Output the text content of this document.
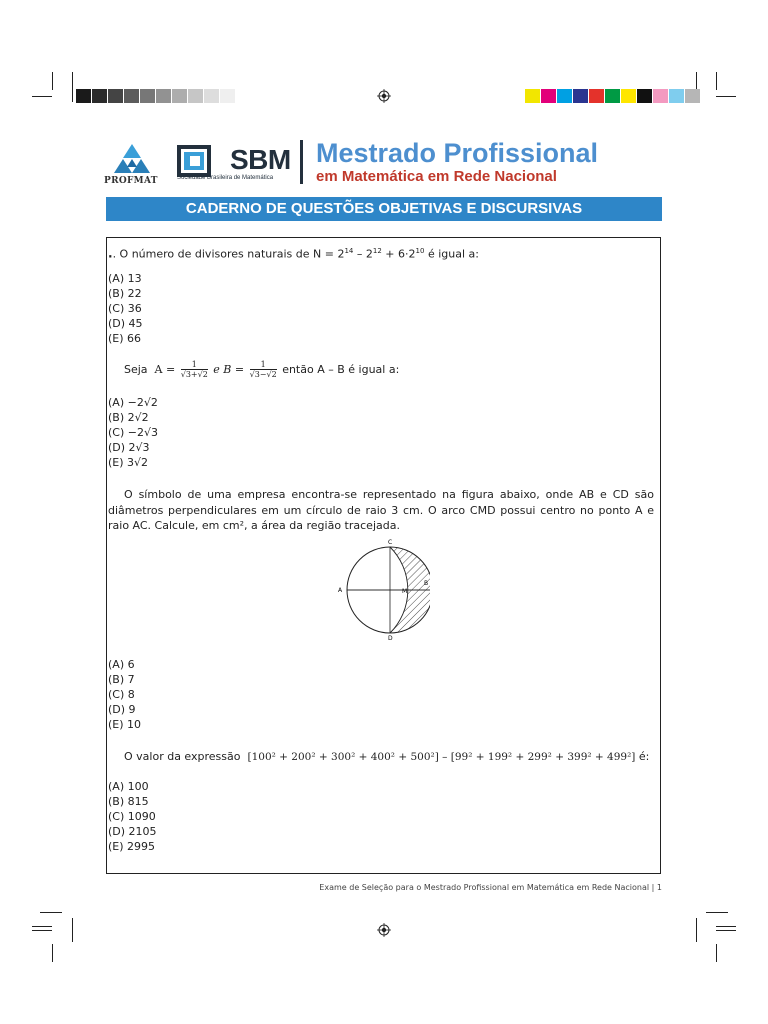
PROFMAT
SBM
Sociedade Brasileira de Matemática
Mestrado Profissional
em Matemática em Rede Nacional
CADERNO DE QUESTÕES OBJETIVAS E DISCURSIVAS
.. O número de divisores naturais de $N = 2^{14} - 2^{12} + 6\cdot 2^{10}$ é igual a:
(A) 13
(B) 22
(C) 36
(D) 45
(E) 66
Seja $A = \frac{1}{√3+√2}$ e $B = \frac{1}{√3-√2}$ então A – B é igual a:
(A) −2√2
(B) 2√2
(C) −2√3
(D) 2√3
(E) 3√2
O símbolo de uma empresa encontra-se representado na figura abaixo, onde AB e CD são diâmetros perpendiculares em um círculo de raio 3 cm. O arco CMD possui centro no ponto A e raio AC. Calcule, em cm², a área da região tracejada.
C
A	M
B
D
(A) 6
(B) 7
(C) 8
(D) 9
(E) 10
O valor da expressão [100² + 200² + 300² + 400² + 500²] – [99² + 199² + 299² + 399² + 499²] é:
(A) 100
(B) 815
(C) 1090
(D) 2105
(E) 2995
Exame de Seleção para o Mestrado Profissional em Matemática em Rede Nacional | 1
